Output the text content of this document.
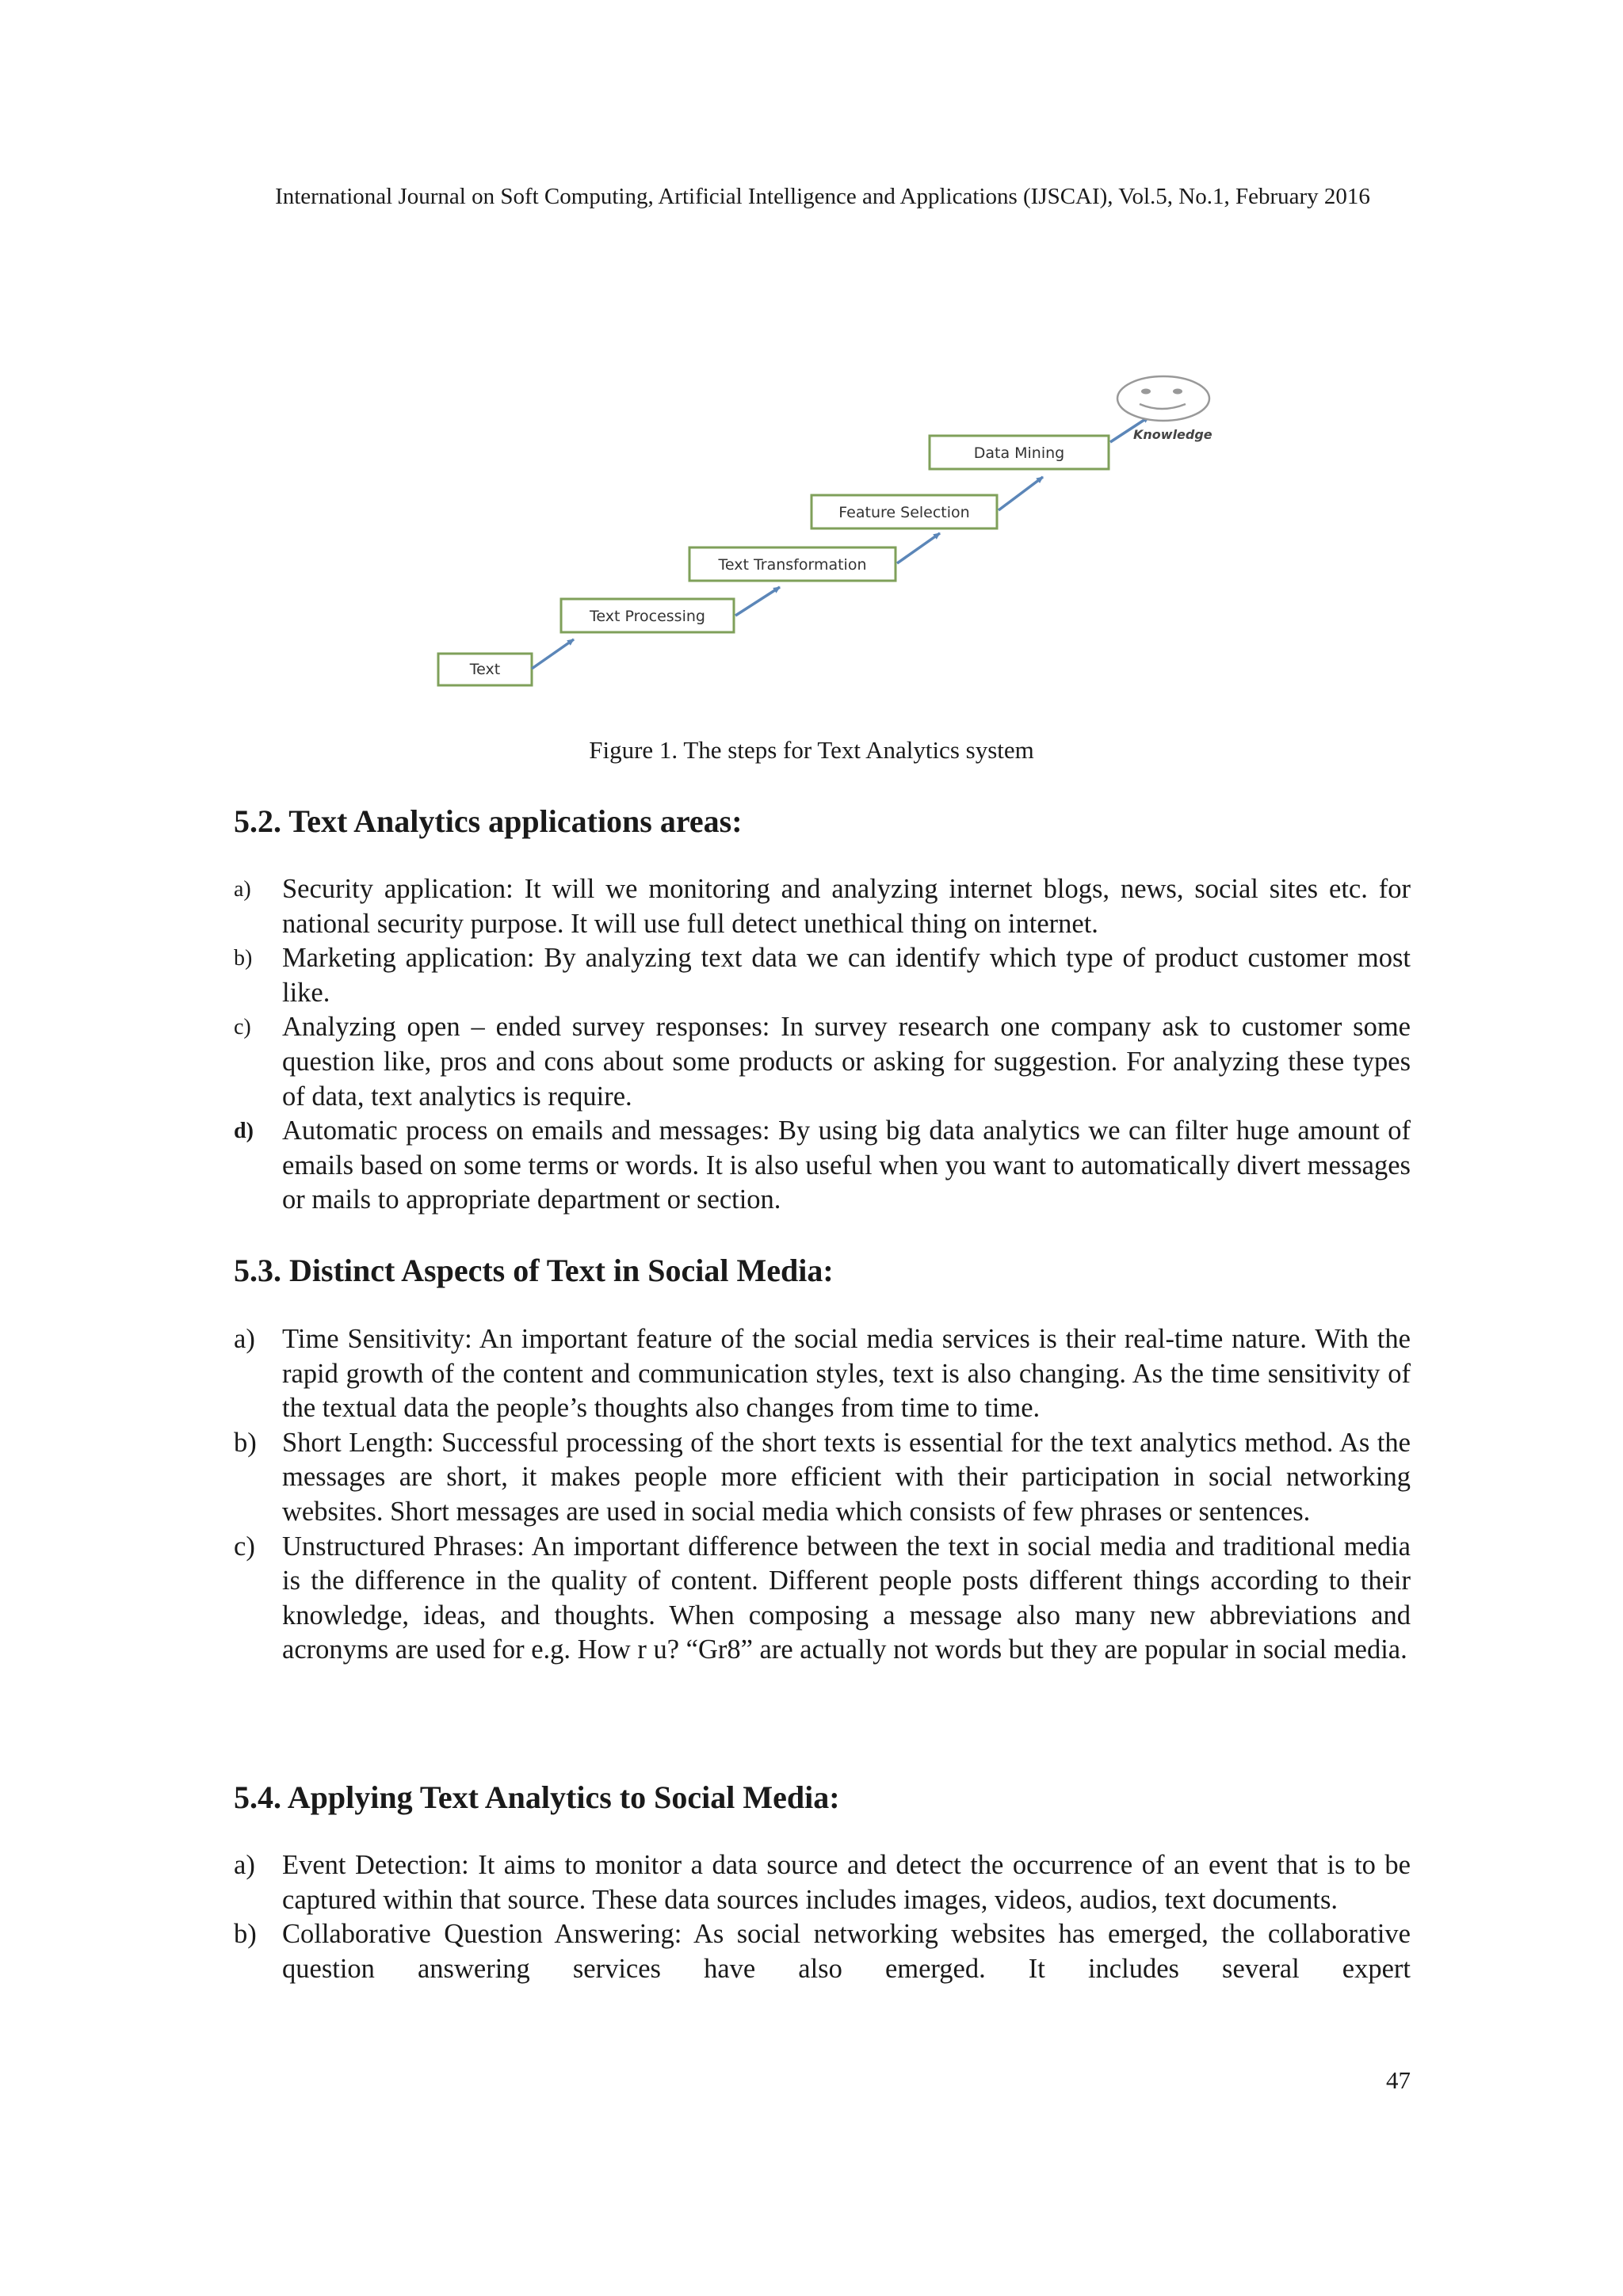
International Journal on Soft Computing, Artificial Intelligence and Applications (IJSCAI), Vol.5, No.1, February 2016
Text
Text Processing
Text Transformation
Feature Selection
Data Mining
Knowledge
Figure 1. The steps for Text Analytics system
5.2. Text Analytics applications areas:
a) Security application: It will we monitoring and analyzing internet blogs, news, social sites etc. for national security purpose. It will use full detect unethical thing on internet.
b) Marketing application: By analyzing text data we can identify which type of product customer most like.
c) Analyzing open – ended survey responses: In survey research one company ask to customer some question like, pros and cons about some products or asking for suggestion. For analyzing these types of data, text analytics is require.
d) Automatic process on emails and messages: By using big data analytics we can filter huge amount of emails based on some terms or words. It is also useful when you want to automatically divert messages or mails to appropriate department or section.
5.3. Distinct Aspects of Text in Social Media:
a) Time Sensitivity: An important feature of the social media services is their real-time nature. With the rapid growth of the content and communication styles, text is also changing. As the time sensitivity of the textual data the people’s thoughts also changes from time to time.
b) Short Length: Successful processing of the short texts is essential for the text analytics method. As the messages are short, it makes people more efficient with their participation in social networking websites. Short messages are used in social media which consists of few phrases or sentences.
c) Unstructured Phrases: An important difference between the text in social media and traditional media is the difference in the quality of content. Different people posts different things according to their knowledge, ideas, and thoughts. When composing a message also many new abbreviations and acronyms are used for e.g. How r u? “Gr8” are actually not words but they are popular in social media.
5.4. Applying Text Analytics to Social Media:
a) Event Detection: It aims to monitor a data source and detect the occurrence of an event that is to be captured within that source. These data sources includes images, videos, audios, text documents.
b) Collaborative Question Answering: As social networking websites has emerged, the collaborative question answering services have also emerged. It includes several expert
47
